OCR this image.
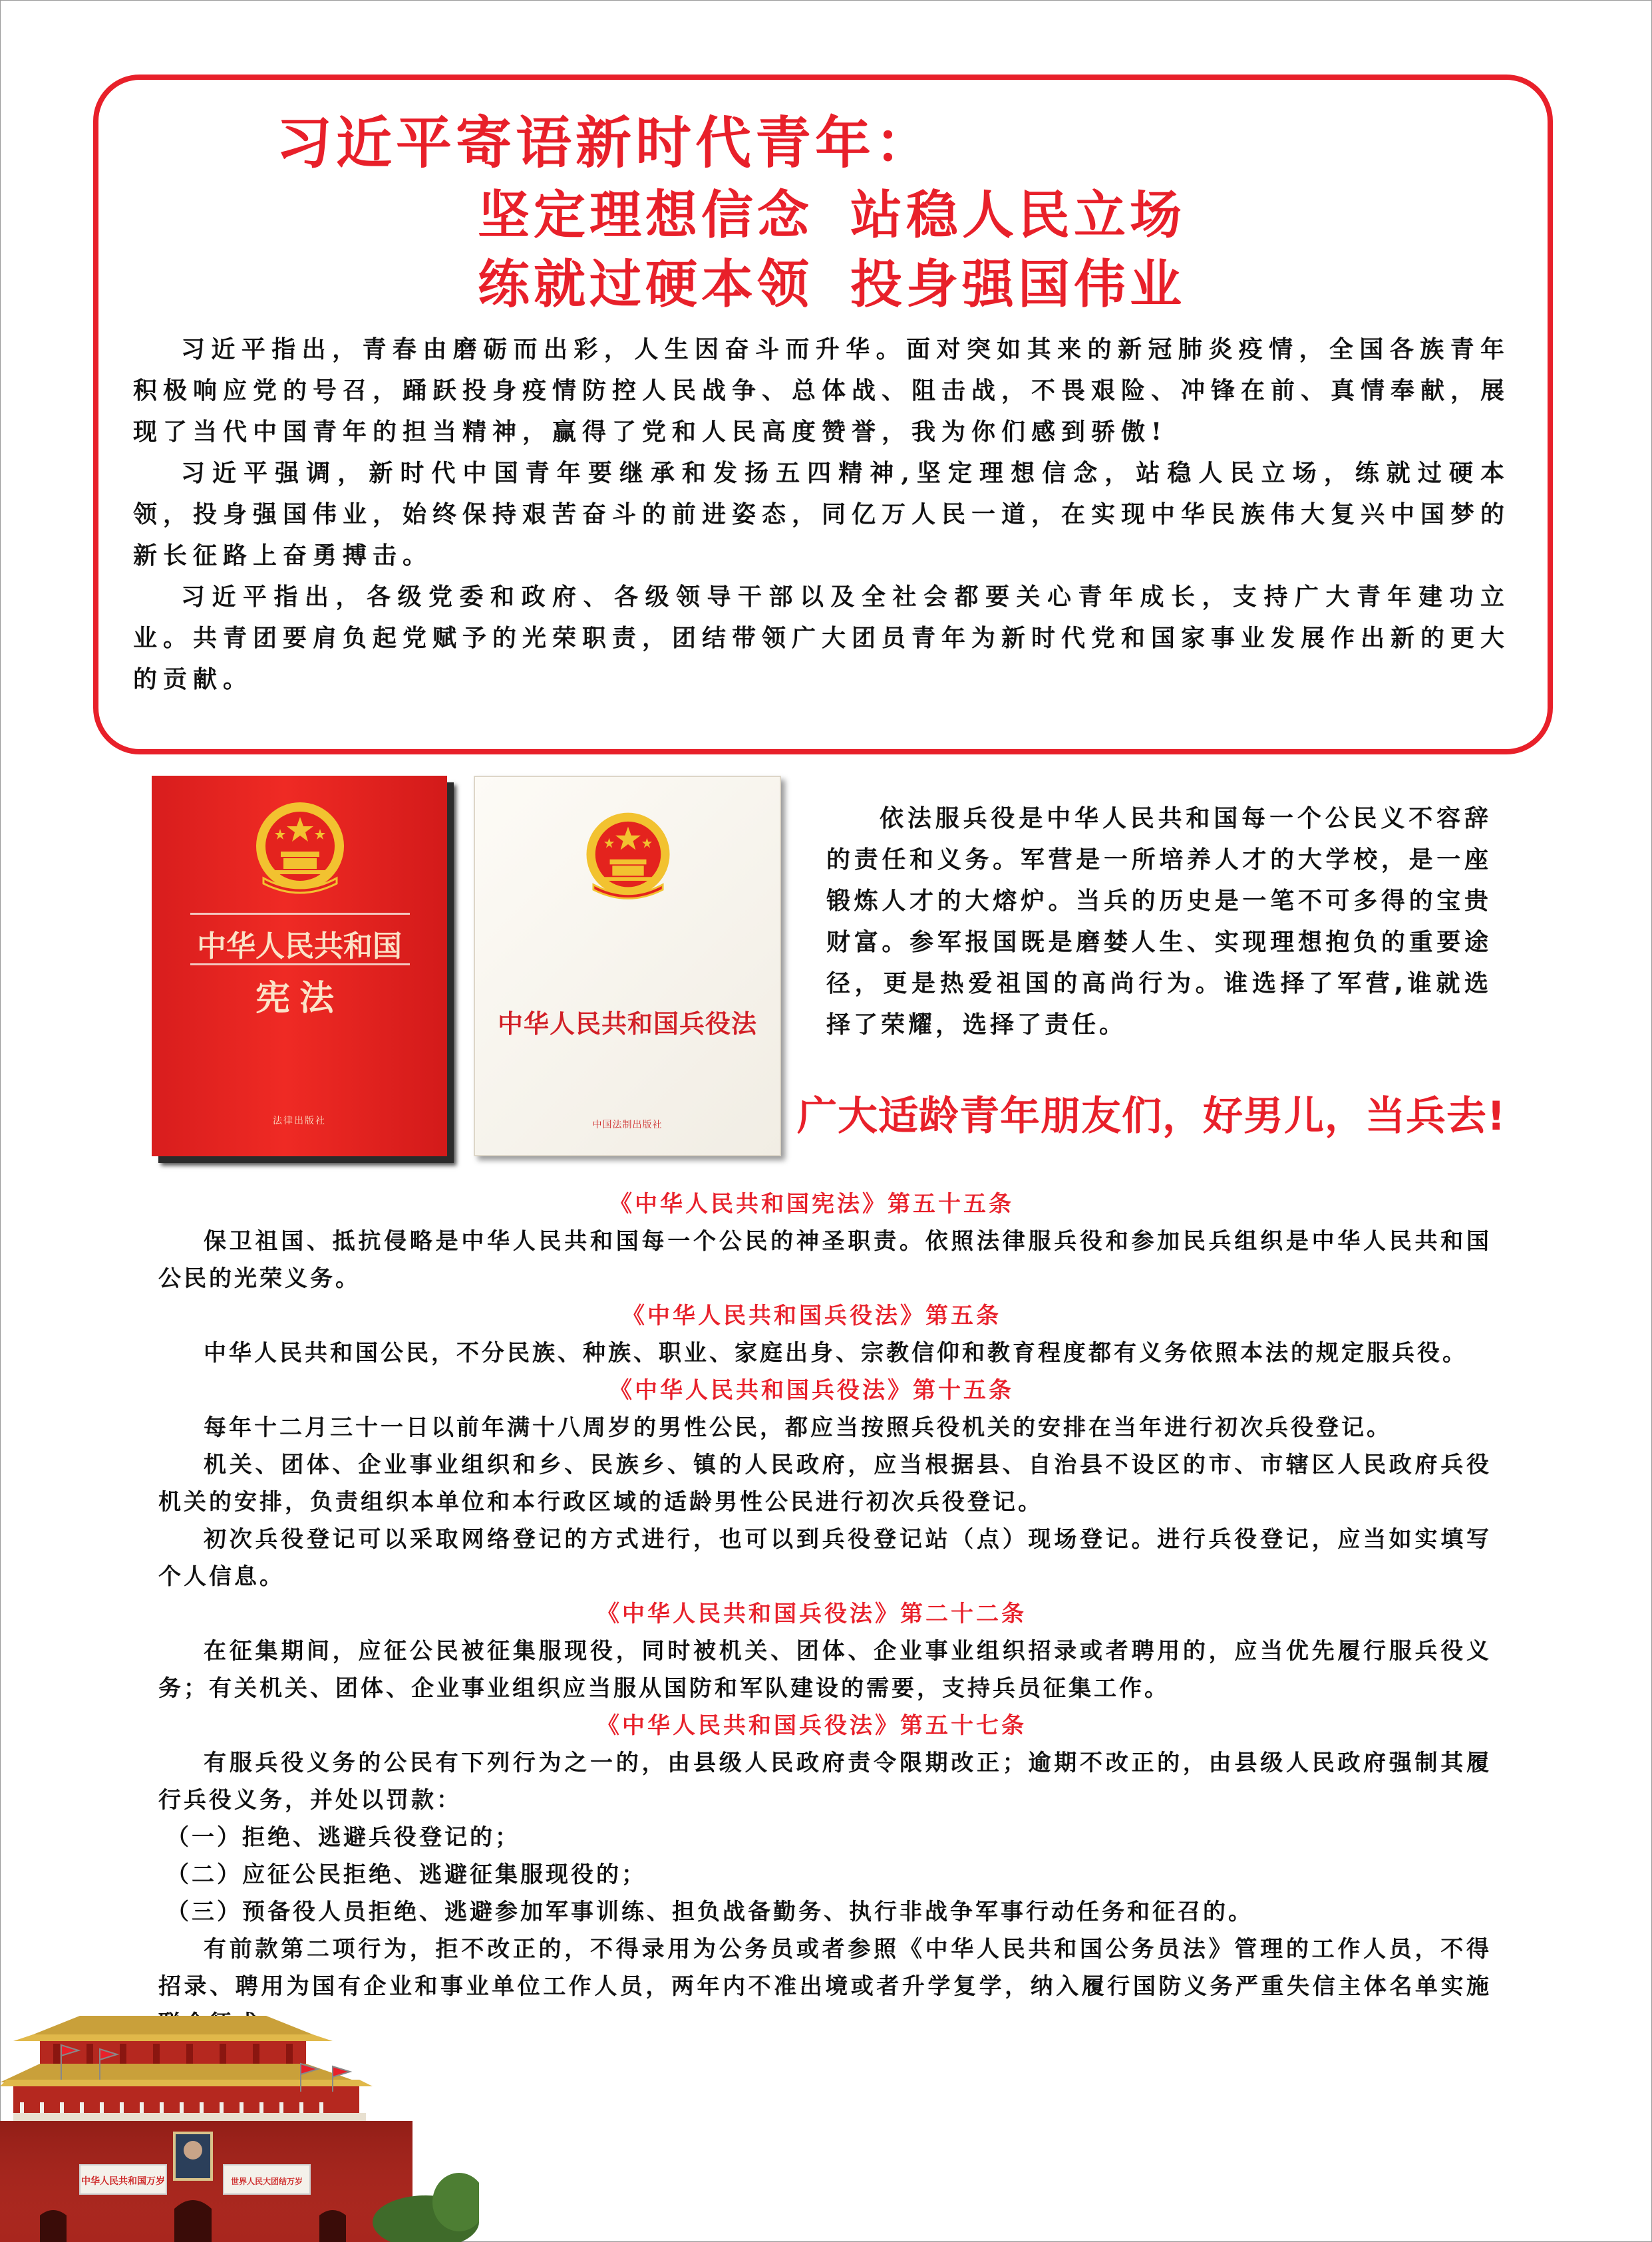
习近平寄语新时代青年：
坚定理想信念 站稳人民立场
练就过硬本领 投身强国伟业

习近平指出，青春由磨砺而出彩，人生因奋斗而升华。面对突如其来的新冠肺炎疫情，全国各族青年积极响应党的号召，踊跃投身疫情防控人民战争、总体战、阻击战，不畏艰险、冲锋在前、真情奉献，展现了当代中国青年的担当精神，赢得了党和人民高度赞誉，我为你们感到骄傲!

习近平强调，新时代中国青年要继承和发扬五四精神,坚定理想信念，站稳人民立场，练就过硬本领，投身强国伟业，始终保持艰苦奋斗的前进姿态，同亿万人民一道，在实现中华民族伟大复兴中国梦的新长征路上奋勇搏击。

习近平指出，各级党委和政府、各级领导干部以及全社会都要关心青年成长，支持广大青年建功立业。共青团要肩负起党赋予的光荣职责，团结带领广大团员青年为新时代党和国家事业发展作出新的更大的贡献。

中华人民共和国
宪法
法律出版社
中华人民共和国兵役法
中国法制出版社

依法服兵役是中华人民共和国每一个公民义不容辞的责任和义务。军营是一所培养人才的大学校，是一座锻炼人才的大熔炉。当兵的历史是一笔不可多得的宝贵财富。参军报国既是磨婪人生、实现理想抱负的重要途径，更是热爱祖国的高尚行为。谁选择了军营,谁就选择了荣耀，选择了责任。

广大适龄青年朋友们，好男儿，当兵去!

《中华人民共和国宪法》第五十五条

保卫祖国、抵抗侵略是中华人民共和国每一个公民的神圣职责。依照法律服兵役和参加民兵组织是中华人民共和国公民的光荣义务。

《中华人民共和国兵役法》第五条

中华人民共和国公民，不分民族、种族、职业、家庭出身、宗教信仰和教育程度都有义务依照本法的规定服兵役。

《中华人民共和国兵役法》第十五条

每年十二月三十一日以前年满十八周岁的男性公民，都应当按照兵役机关的安排在当年进行初次兵役登记。

机关、团体、企业事业组织和乡、民族乡、镇的人民政府，应当根据县、自治县不设区的市、市辖区人民政府兵役机关的安排，负责组织本单位和本行政区域的适龄男性公民进行初次兵役登记。

初次兵役登记可以采取网络登记的方式进行，也可以到兵役登记站（点）现场登记。进行兵役登记，应当如实填写个人信息。

《中华人民共和国兵役法》第二十二条

在征集期间，应征公民被征集服现役，同时被机关、团体、企业事业组织招录或者聘用的，应当优先履行服兵役义务；有关机关、团体、企业事业组织应当服从国防和军队建设的需要，支持兵员征集工作。

《中华人民共和国兵役法》第五十七条

有服兵役义务的公民有下列行为之一的，由县级人民政府责令限期改正；逾期不改正的，由县级人民政府强制其履行兵役义务，并处以罚款：

（一）拒绝、逃避兵役登记的；

（二）应征公民拒绝、逃避征集服现役的；

（三）预备役人员拒绝、逃避参加军事训练、担负战备勤务、执行非战争军事行动任务和征召的。

有前款第二项行为，拒不改正的，不得录用为公务员或者参照《中华人民共和国公务员法》管理的工作人员，不得招录、聘用为国有企业和事业单位工作人员，两年内不准出境或者升学复学，纳入履行国防义务严重失信主体名单实施

中华人民共和国万岁	世界人民大团结万岁
